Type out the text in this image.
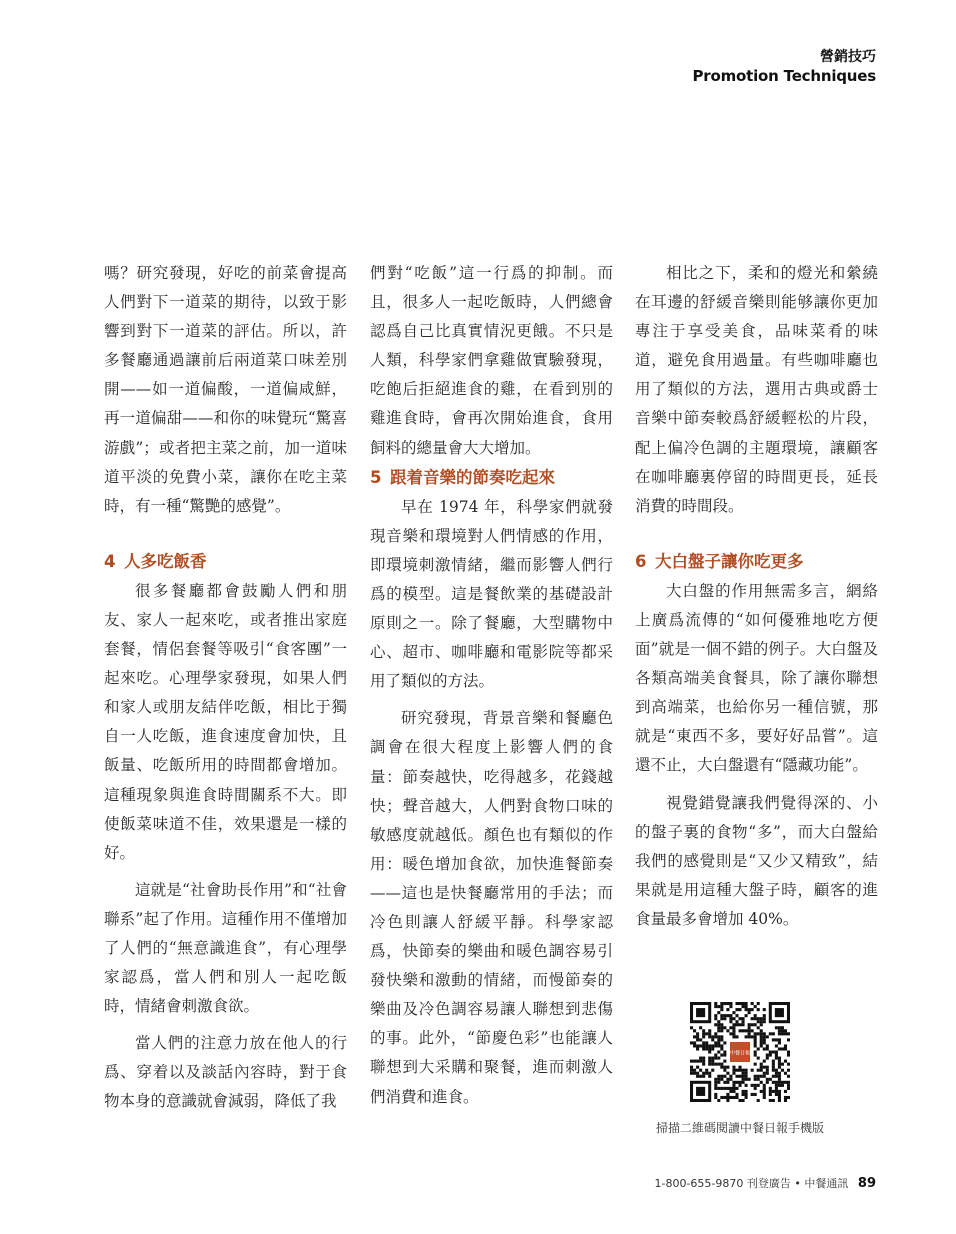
營銷技巧
Promotion Techniques

嗎？研究發現，好吃的前菜會提高人們對下一道菜的期待，以致于影響到對下一道菜的評估。所以，許多餐廳通過讓前后兩道菜口味差別開——如一道偏酸，一道偏咸鮮，再一道偏甜——和你的味覺玩“驚喜游戲”；或者把主菜之前，加一道味道平淡的免費小菜，讓你在吃主菜時，有一種“驚艷的感覺”。

4 人多吃飯香

很多餐廳都會鼓勵人們和朋友、家人一起來吃，或者推出家庭套餐，情侶套餐等吸引“食客團”一起來吃。心理學家發現，如果人們和家人或朋友結伴吃飯，相比于獨自一人吃飯，進食速度會加快，且飯量、吃飯所用的時間都會增加。這種現象與進食時間關系不大。即使飯菜味道不佳，效果還是一樣的好。

這就是“社會助長作用”和“社會聯系”起了作用。這種作用不僅增加了人們的“無意識進食”，有心理學家認爲，當人們和別人一起吃飯時，情緒會刺激食欲。

當人們的注意力放在他人的行爲、穿着以及談話內容時，對于食物本身的意識就會減弱，降低了我

們對“吃飯”這一行爲的抑制。而且，很多人一起吃飯時，人們總會認爲自己比真實情況更餓。不只是人類，科學家們拿雞做實驗發現，吃飽后拒絕進食的雞，在看到別的雞進食時，會再次開始進食，食用飼料的總量會大大增加。

5 跟着音樂的節奏吃起來

早在 1974 年，科學家們就發現音樂和環境對人們情感的作用，即環境刺激情緒，繼而影響人們行爲的模型。這是餐飲業的基礎設計原則之一。除了餐廳，大型購物中心、超市、咖啡廳和電影院等都采用了類似的方法。

研究發現，背景音樂和餐廳色調會在很大程度上影響人們的食量：節奏越快，吃得越多，花錢越快；聲音越大，人們對食物口味的敏感度就越低。顏色也有類似的作用：暖色增加食欲，加快進餐節奏——這也是快餐廳常用的手法；而冷色則讓人舒緩平靜。科學家認爲，快節奏的樂曲和暖色調容易引發快樂和激動的情緒，而慢節奏的樂曲及冷色調容易讓人聯想到悲傷的事。此外，“節慶色彩”也能讓人聯想到大采購和聚餐，進而刺激人們消費和進食。

相比之下，柔和的燈光和縈繞在耳邊的舒緩音樂則能够讓你更加專注于享受美食，品味菜肴的味道，避免食用過量。有些咖啡廳也用了類似的方法，選用古典或爵士音樂中節奏較爲舒緩輕松的片段，配上偏冷色調的主題環境，讓顧客在咖啡廳裏停留的時間更長，延長消費的時間段。

6 大白盤子讓你吃更多

大白盤的作用無需多言，網絡上廣爲流傳的“如何優雅地吃方便面”就是一個不錯的例子。大白盤及各類高端美食餐具，除了讓你聯想到高端菜，也給你另一種信號，那就是“東西不多，要好好品嘗”。這還不止，大白盤還有“隱藏功能”。

視覺錯覺讓我們覺得深的、小的盤子裏的食物“多”，而大白盤給我們的感覺則是“又少又精致”，結果就是用這種大盤子時，顧客的進食量最多會增加 40%。

中餐日報
掃描二維碼閱讀中餐日報手機版
1-800-655-9870 刊登廣告 • 中餐通訊 89
